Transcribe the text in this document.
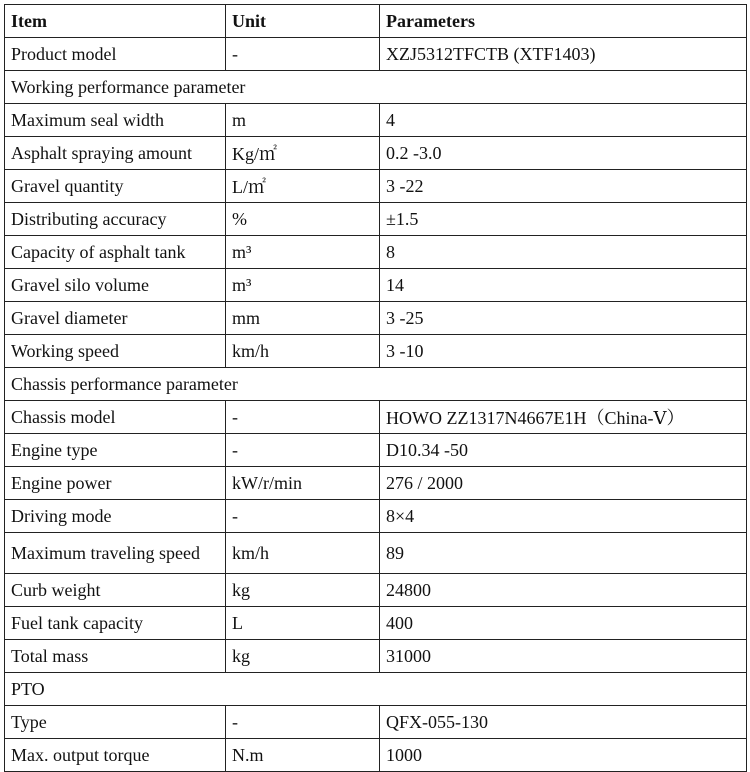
Item	Unit	Parameters
Product model	-	XZJ5312TFCTB (XTF1403)
Working performance parameter		
Maximum seal width	m	4
Asphalt spraying amount	Kg/㎡	0.2 -3.0
Gravel quantity	L/㎡	3 -22
Distributing accuracy	%	±1.5
Capacity of asphalt tank	m³	8
Gravel silo volume	m³	14
Gravel diameter	mm	3 -25
Working speed	km/h	3 -10
Chassis performance parameter		
Chassis model	-	HOWO ZZ1317N4667E1H（China-Ⅴ）
Engine type	-	D10.34 -50
Engine power	kW/r/min	276 / 2000
Driving mode	-	8×4
Maximum traveling speed	km/h	89
Curb weight	kg	24800
Fuel tank capacity	L	400
Total mass	kg	31000
PTO		
Type	-	QFX-055-130
Max. output torque	N.m	1000
